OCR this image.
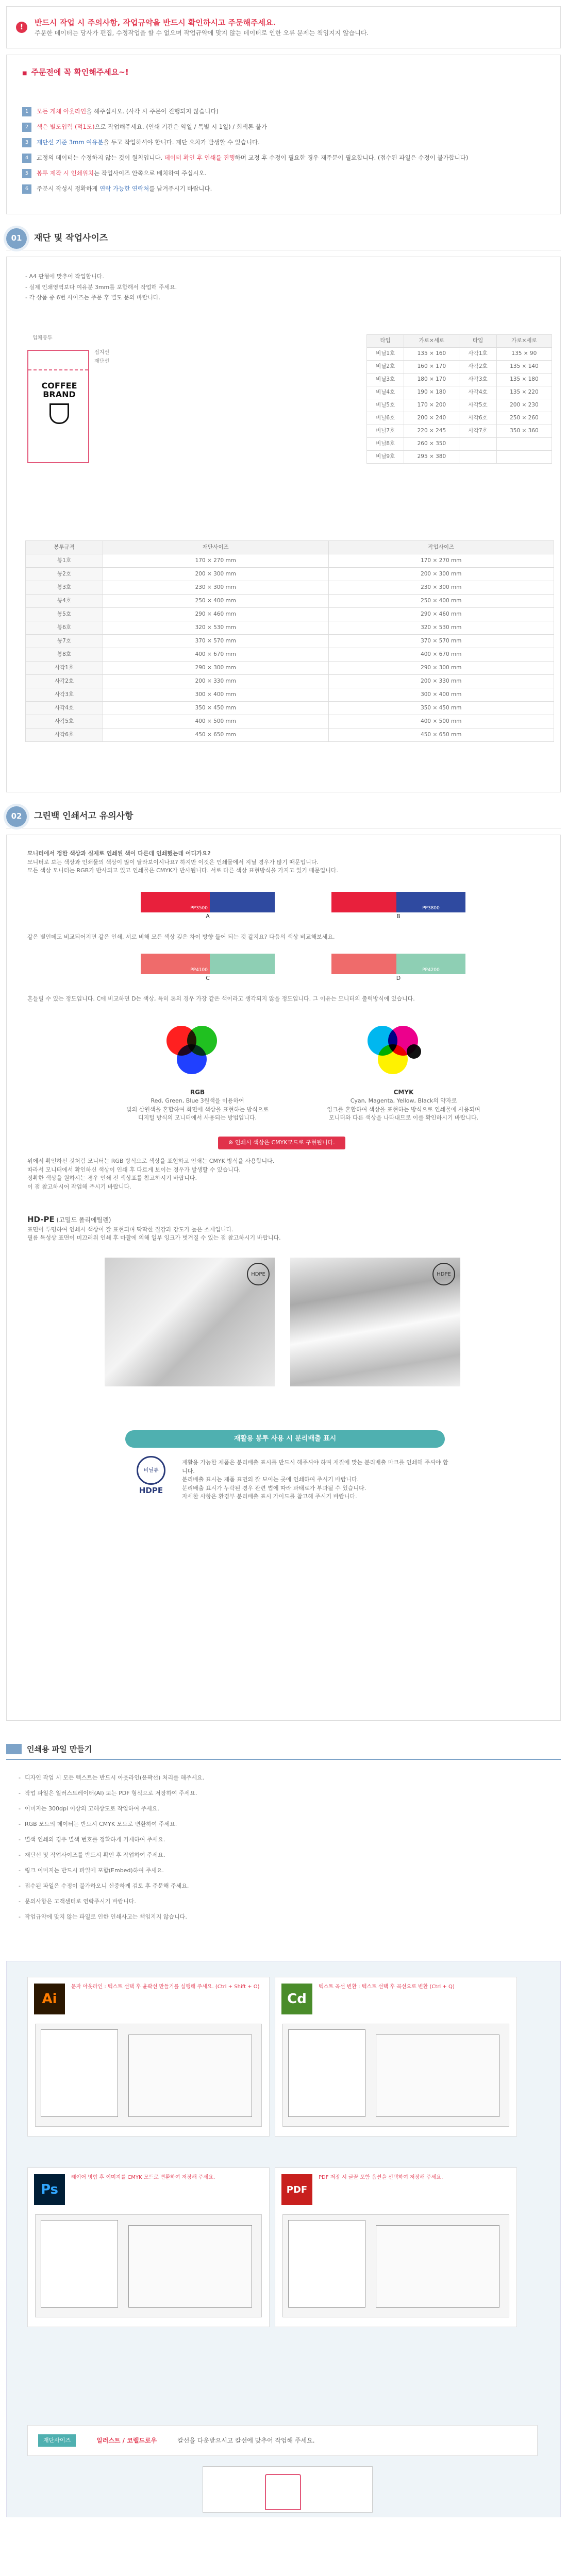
!	반드시 작업 시 주의사항, 작업규약을 반드시 확인하시고 주문해주세요.
주문한 데이터는 당사가 편집, 수정작업을 할 수 없으며 작업규약에 맞지 않는 데이터로 인한 오류 문제는 책임지지 않습니다.
■ 주문전에 꼭 확인해주세요~!
1	모든 개체 아웃라인을 해주십시오. (사각 시 주문이 진행되지 않습니다)
2	색은 별도입력 (먹1도)으로 작업해주세요. (인쇄 기간은 약일 / 특별 시 1일) / 회색톤 불가
3	재단선 기준 3mm 여유분을 두고 작업하셔야 합니다. 재단 오차가 발생할 수 있습니다.
4	교정의 데이터는 수정하지 않는 것이 원칙입니다. 데이터 확인 후 인쇄를 진행하며 교정 후 수정이 필요한 경우 재주문이 필요합니다. (접수된 파일은 수정이 불가합니다)
5	봉투 제작 시 인쇄위치는 작업사이즈 안쪽으로 배치하여 주십시오.
6	주문시 작성시 정확하게 연락 가능한 연락처를 남겨주시기 바랍니다.
01	재단 및 작업사이즈
- A4 판형에 맞추어 작업합니다.
- 실제 인쇄영역보다 여유분 3mm를 포함해서 작업해 주세요.
- 각 상품 중 6번 사이즈는 주문 후 별도 문의 바랍니다.
입체봉투
COFFEE
BRAND
접지선
재단선
타입	가로×세로	타입	가로×세로
비닐1호	135 × 160	사각1호	135 × 90
비닐2호	160 × 170	사각2호	135 × 140
비닐3호	180 × 170	사각3호	135 × 180
비닐4호	190 × 180	사각4호	135 × 220
비닐5호	170 × 200	사각5호	200 × 230
비닐6호	200 × 240	사각6호	250 × 260
비닐7호	220 × 245	사각7호	350 × 360
비닐8호	260 × 350		
비닐9호	295 × 380		
봉투규격	재단사이즈	작업사이즈
봉1호	170 × 270 mm	170 × 270 mm
봉2호	200 × 300 mm	200 × 300 mm
봉3호	230 × 300 mm	230 × 300 mm
봉4호	250 × 400 mm	250 × 400 mm
봉5호	290 × 460 mm	290 × 460 mm
봉6호	320 × 530 mm	320 × 530 mm
봉7호	370 × 570 mm	370 × 570 mm
봉8호	400 × 670 mm	400 × 670 mm
사각1호	290 × 300 mm	290 × 300 mm
사각2호	200 × 330 mm	200 × 330 mm
사각3호	300 × 400 mm	300 × 400 mm
사각4호	350 × 450 mm	350 × 450 mm
사각5호	400 × 500 mm	400 × 500 mm
사각6호	450 × 650 mm	450 × 650 mm
02	그린백 인쇄서고 유의사항

모니터에서 정한 색상과 실제로 인쇄된 색이 다른데 인쇄했는데 어디가요?

모니터로 보는 색상과 인쇄물의 색상이 많이 달라보이시나요? 하지만 이것은 인쇄물에서 지닐 경우가 많기 때문입니다.

모든 색상 모니터는 RGB가 반사되고 있고 인쇄물은 CMYK가 반사됩니다. 서로 다른 색상 표현방식을 가지고 있기 때문입니다.

PP3500
A
PP3800
B

같은 별인데도 비교되어지면 같은 인쇄. 서로 비해 모든 색상 깊은 차이 방향 들어 되는 것 같지요? 다음의 색상 비교해보세요.

PP4100
C
PP4200
D

흔들릴 수 있는 정도입니다. C에 비교하면 D는 색상, 특히 톤의 경우 가장 같은 색이라고 생각되지 않을 정도입니다. 그 이유는 모니터의 출력방식에 있습니다.

RGB

Red, Green, Blue 3원색을 이용하여

빛의 삼원색을 혼합하여 화면에 색상을 표현하는 방식으로

디지털 방식의 모니터에서 사용되는 방법입니다.

CMYK

Cyan, Magenta, Yellow, Black의 약자로

잉크를 혼합하여 색상을 표현하는 방식으로 인쇄물에 사용되며

모니터와 다른 색상을 나타내므로 이를 확인하시기 바랍니다.

※ 인쇄시 색상은 CMYK모드로 구현됩니다.

위에서 확인하신 것처럼 모니터는 RGB 방식으로 색상을 표현하고 인쇄는 CMYK 방식을 사용합니다.

따라서 모니터에서 확인하신 색상이 인쇄 후 다르게 보이는 경우가 발생할 수 있습니다.

정확한 색상을 원하시는 경우 인쇄 전 색상표를 참고하시기 바랍니다.

이 점 참고하시어 작업해 주시기 바랍니다.

HD-PE (고밀도 폴리에틸렌)

표면이 투명하여 인쇄시 색상이 잘 표현되며 딱딱한 질감과 강도가 높은 소재입니다.

필름 특성상 표면이 미끄러워 인쇄 후 마찰에 의해 일부 잉크가 벗겨질 수 있는 점 참고하시기 바랍니다.

HDPE	HDPE
재활용 봉투 사용 시 분리배출 표시
비닐류
HDPE

재활용 가능한 제품은 분리배출 표시를 반드시 해주셔야 하며 재질에 맞는 분리배출 마크를 인쇄해 주셔야 합니다.

분리배출 표시는 제품 표면의 잘 보이는 곳에 인쇄하여 주시기 바랍니다.

분리배출 표시가 누락된 경우 관련 법에 따라 과태료가 부과될 수 있습니다.

자세한 사항은 환경부 분리배출 표시 가이드를 참고해 주시기 바랍니다.

인쇄용 파일 만들기
- 디자인 작업 시 모든 텍스트는 반드시 아웃라인(윤곽선) 처리를 해주세요.
- 작업 파일은 일러스트레이터(AI) 또는 PDF 형식으로 저장하여 주세요.
- 이미지는 300dpi 이상의 고해상도로 작업하여 주세요.
- RGB 모드의 데이터는 반드시 CMYK 모드로 변환하여 주세요.
- 별색 인쇄의 경우 별색 번호를 정확하게 기재하여 주세요.
- 재단선 및 작업사이즈를 반드시 확인 후 작업하여 주세요.
- 링크 이미지는 반드시 파일에 포함(Embed)하여 주세요.
- 접수된 파일은 수정이 불가하오니 신중하게 검토 후 주문해 주세요.
- 문의사항은 고객센터로 연락주시기 바랍니다.
- 작업규약에 맞지 않는 파일로 인한 인쇄사고는 책임지지 않습니다.
Ai
문자 아웃라인 : 텍스트 선택 후 윤곽선 만들기를 실행해 주세요. (Ctrl + Shift + O)
Cd
텍스트 곡선 변환 : 텍스트 선택 후 곡선으로 변환 (Ctrl + Q)
Ps
레이어 병합 후 이미지를 CMYK 모드로 변환하여 저장해 주세요.
PDF
PDF 저장 시 글꼴 포함 옵션을 선택하여 저장해 주세요.
재단사이즈	일러스트 / 코렐드로우	칼선을 다운받으시고 칼선에 맞추어 작업해 주세요.
